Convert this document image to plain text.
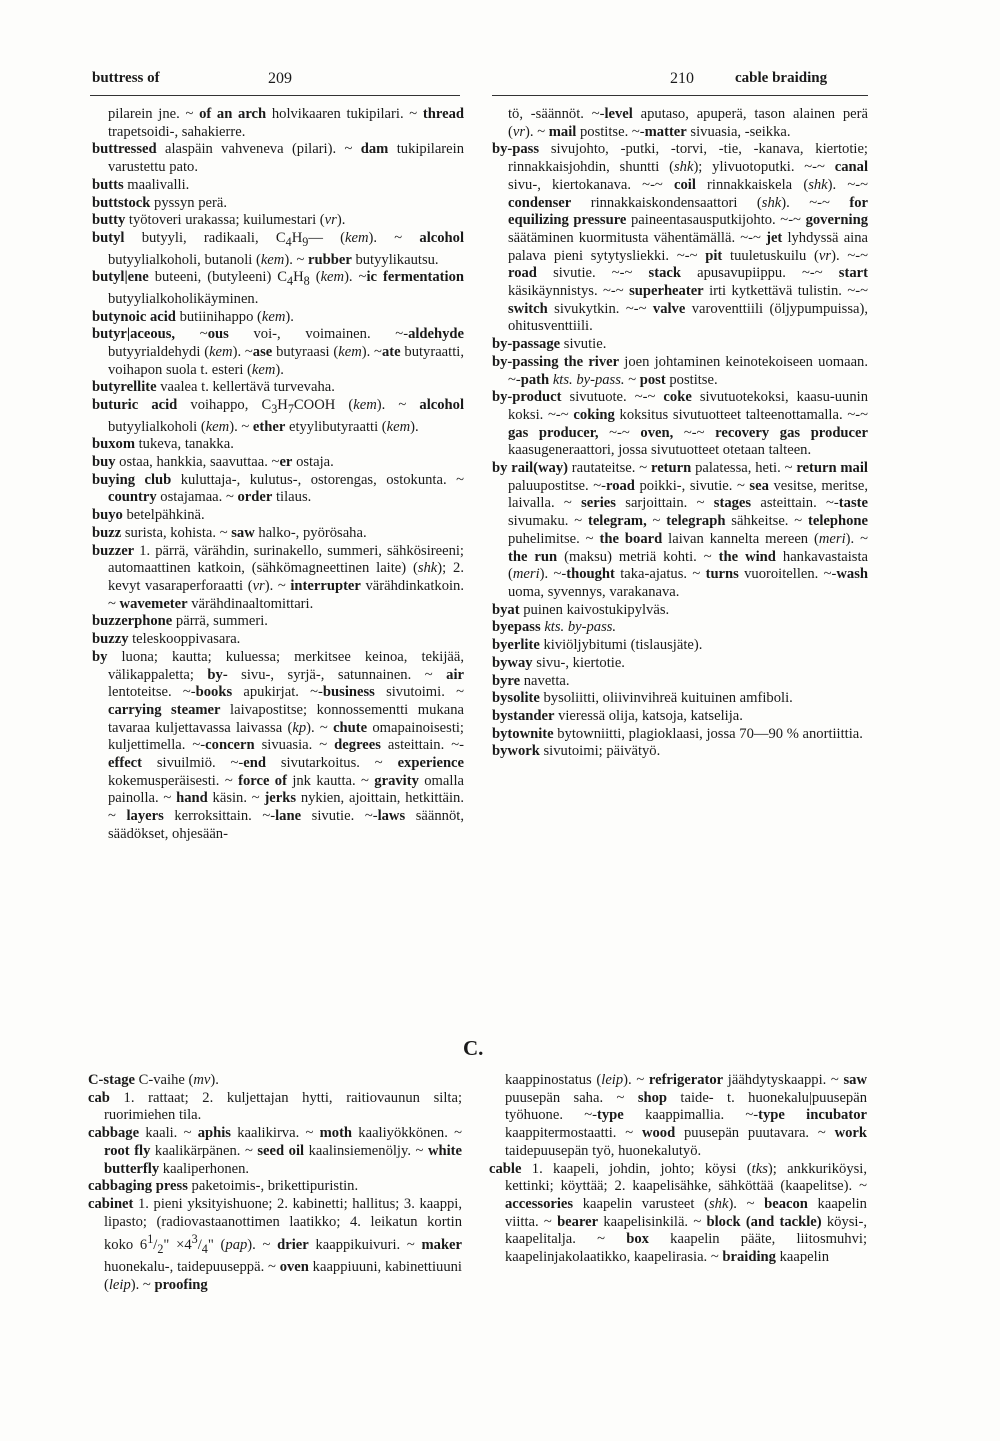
buttress of	209	210	cable braiding

pilarein jne. ~ of an arch holvikaaren tukipilari. ~ thread trapetsoidi-, sahakierre.

buttressed alaspäin vahveneva (pilari). ~ dam tukipilarein varustettu pato.

butts maalivalli.

buttstock pyssyn perä.

butty työtoveri urakassa; kuilumestari (vr).

butyl butyyli, radikaali, $C_4H_9—$ (kem). ~ alcohol butyylialkoholi, butanoli (kem). ~ rubber butyylikautsu.

butyl|ene buteeni, (butyleeni) $C_4H_8$ (kem). ~ic fermentation butyylialkoholikäyminen.

butynoic acid butiinihappo (kem).

butyr|aceous, ~ous voi-, voimainen. ~-aldehyde butyyrialdehydi (kem). ~ase butyraasi (kem). ~ate butyraatti, voihapon suola t. esteri (kem).

butyrellite vaalea t. kellertävä turvevaha.

buturic acid voihappo, $C_3H_7COOH$ (kem). ~ alcohol butyylialkoholi (kem). ~ ether etyylibutyraatti (kem).

buxom tukeva, tanakka.

buy ostaa, hankkia, saavuttaa. ~er ostaja.

buying club kuluttaja-, kulutus-, ostorengas, ostokunta. ~ country ostajamaa. ~ order tilaus.

buyo betelpähkinä.

buzz surista, kohista. ~ saw halko-, pyörösaha.

buzzer 1. pärrä, värähdin, surinakello, summeri, sähkösireeni; automaattinen katkoin, (sähkömagneettinen laite) (shk); 2. kevyt vasaraperforaatti (vr). ~ interrupter värähdinkatkoin. ~ wavemeter värähdinaaltomittari.

buzzerphone pärrä, summeri.

buzzy teleskooppivasara.

by luona; kautta; kuluessa; merkitsee keinoa, tekijää, välikappaletta; by- sivu-, syrjä-, satunnainen. ~ air lentoteitse. ~-books apukirjat. ~-business sivutoimi. ~ carrying steamer laivapostitse; konnossementti mukana tavaraa kuljettavassa laivassa (kp). ~ chute omapainoisesti; kuljettimella. ~-concern sivuasia. ~ degrees asteittain. ~-effect sivuilmiö. ~-end sivutarkoitus. ~ experience kokemusperäisesti. ~ force of jnk kautta. ~ gravity omalla painolla. ~ hand käsin. ~ jerks nykien, ajoittain, hetkittäin. ~ layers kerroksittain. ~-lane sivutie. ~-laws säännöt, säädökset, ohjesään-

tö, -säännöt. ~-level aputaso, apuperä, tason alainen perä (vr). ~ mail postitse. ~-matter sivuasia, -seikka.

by-pass sivujohto, -putki, -torvi, -tie, -kanava, kiertotie; rinnakkaisjohdin, shuntti (shk); ylivuotoputki. ~-~ canal sivu-, kiertokanava. ~-~ coil rinnakkaiskela (shk). ~-~ condenser rinnakkaiskondensaattori (shk). ~-~ for equilizing pressure paineentasausputkijohto. ~-~ governing säätäminen kuormitusta vähentämällä. ~-~ jet lyhdyssä aina palava pieni sytytysliekki. ~-~ pit tuuletuskuilu (vr). ~-~ road sivutie. ~-~ stack apusavupiippu. ~-~ start käsikäynnistys. ~-~ superheater irti kytkettävä tulistin. ~-~ switch sivukytkin. ~-~ valve varoventtiili (öljypumpuissa), ohitusventtiili.

by-passage sivutie.

by-passing the river joen johtaminen keinotekoiseen uomaan. ~-path kts. by-pass. ~ post postitse.

by-product sivutuote. ~-~ coke sivutuotekoksi, kaasu-uunin koksi. ~-~ coking koksitus sivutuotteet talteenottamalla. ~-~ gas producer, ~-~ oven, ~-~ recovery gas producer kaasugeneraattori, jossa sivutuotteet otetaan talteen.

by rail(way) rautateitse. ~ return palatessa, heti. ~ return mail paluupostitse. ~-road poikki-, sivutie. ~ sea vesitse, meritse, laivalla. ~ series sarjoittain. ~ stages asteittain. ~-taste sivumaku. ~ telegram, ~ telegraph sähkeitse. ~ telephone puhelimitse. ~ the board laivan kannelta mereen (meri). ~ the run (maksu) metriä kohti. ~ the wind hankavastaista (meri). ~-thought taka-ajatus. ~ turns vuoroitellen. ~-wash uoma, syvennys, varakanava.

byat puinen kaivostukipylväs.

byepass kts. by-pass.

byerlite kiviöljybitumi (tislausjäte).

byway sivu-, kiertotie.

byre navetta.

bysolite bysoliitti, oliivinvihreä kuituinen amfiboli.

bystander vieressä olija, katsoja, katselija.

bytownite bytowniitti, plagioklaasi, jossa 70—90 % anortiittia.

bywork sivutoimi; päivätyö.

C.

C-stage C-vaihe (mv).

cab 1. rattaat; 2. kuljettajan hytti, raitiovaunun silta; ruorimiehen tila.

cabbage kaali. ~ aphis kaalikirva. ~ moth kaaliyökkönen. ~ root fly kaalikärpänen. ~ seed oil kaalinsiemenöljy. ~ white butterfly kaaliperhonen.

cabbaging press paketoimis-, brikettipuristin.

cabinet 1. pieni yksityishuone; 2. kabinetti; hallitus; 3. kaappi, lipasto; (radiovastaanottimen laatikko; 4. leikatun kortin koko $6^1/_2$" $\times 4^3/_4$" (pap). ~ drier kaappikuivuri. ~ maker huonekalu-, taidepuuseppä. ~ oven kaappiuuni, kabinettiuuni (leip). ~ proofing

kaappinostatus (leip). ~ refrigerator jäähdytyskaappi. ~ saw puusepän saha. ~ shop taide- t. huonekalu|puusepän työhuone. ~-type kaappimallia. ~-type incubator kaappitermostaatti. ~ wood puusepän puutavara. ~ work taidepuusepän työ, huonekalutyö.

cable 1. kaapeli, johdin, johto; köysi (tks); ankkuriköysi, kettinki; köyttää; 2. kaapelisähke, sähköttää (kaapelitse). ~ accessories kaapelin varusteet (shk). ~ beacon kaapelin viitta. ~ bearer kaapelisinkilä. ~ block (and tackle) köysi-, kaapelitalja. ~ box kaapelin pääte, liitosmuhvi; kaapelinjakolaatikko, kaapelirasia. ~ braiding kaapelin
